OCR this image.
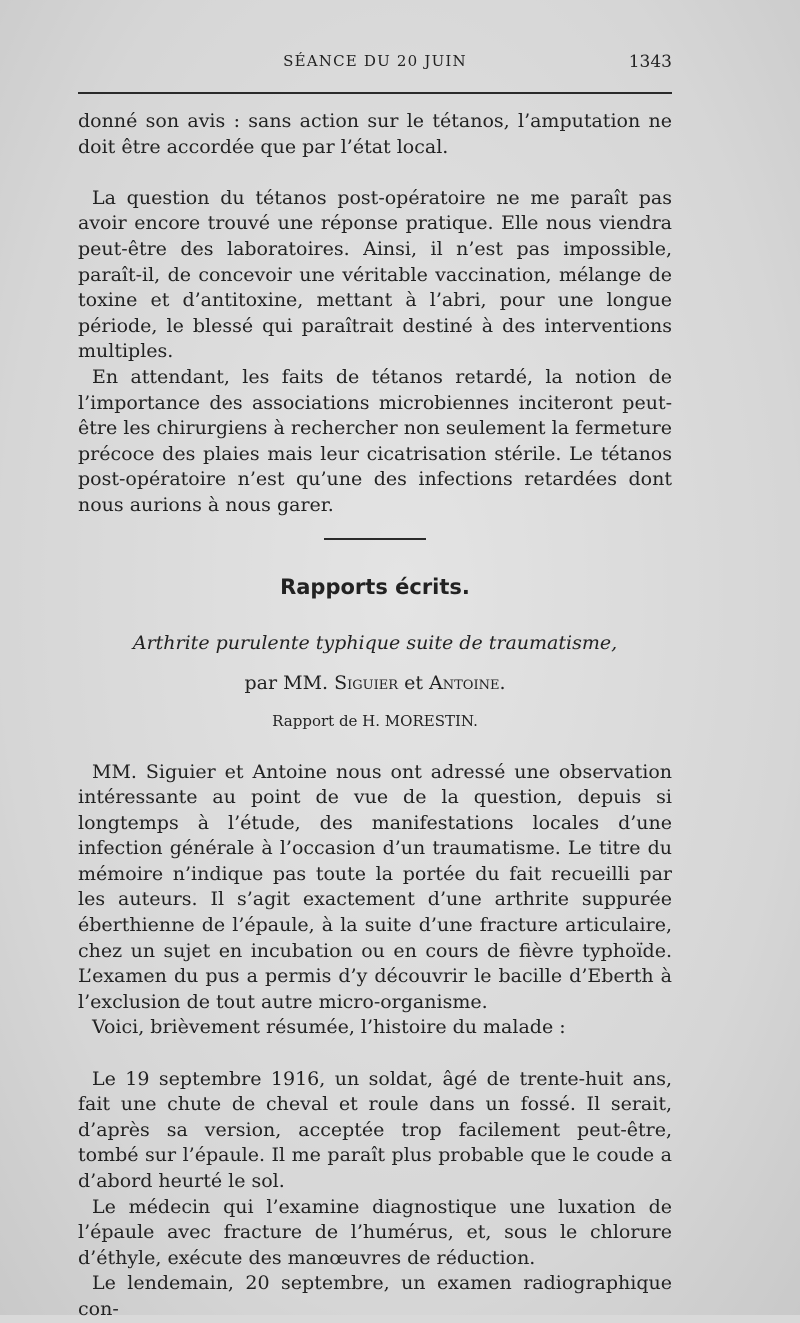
SÉANCE DU 20 JUIN	1343

donné son avis : sans action sur le tétanos, l’amputation ne doit être accordée que par l’état local.

La question du tétanos post-opératoire ne me paraît pas avoir encore trouvé une réponse pratique. Elle nous viendra peut-être des laboratoires. Ainsi, il n’est pas impossible, paraît-il, de concevoir une véritable vaccination, mélange de toxine et d’antitoxine, mettant à l’abri, pour une longue période, le blessé qui paraîtrait destiné à des interventions multiples.

En attendant, les faits de tétanos retardé, la notion de l’importance des associations microbiennes inciteront peut-être les chirurgiens à rechercher non seulement la fermeture précoce des plaies mais leur cicatrisation stérile. Le tétanos post-opératoire n’est qu’une des infections retardées dont nous aurions à nous garer.

Rapports écrits.
Arthrite purulente typhique suite de traumatisme,
par MM. Siguier et Antoine.
Rapport de H. MORESTIN.

MM. Siguier et Antoine nous ont adressé une observation intéressante au point de vue de la question, depuis si longtemps à l’étude, des manifestations locales d’une infection générale à l’occasion d’un traumatisme. Le titre du mémoire n’indique pas toute la portée du fait recueilli par les auteurs. Il s’agit exactement d’une arthrite suppurée éberthienne de l’épaule, à la suite d’une fracture articulaire, chez un sujet en incubation ou en cours de fièvre typhoïde. L’examen du pus a permis d’y découvrir le bacille d’Eberth à l’exclusion de tout autre micro-organisme.

Voici, brièvement résumée, l’histoire du malade :

Le 19 septembre 1916, un soldat, âgé de trente-huit ans, fait une chute de cheval et roule dans un fossé. Il serait, d’après sa version, acceptée trop facilement peut-être, tombé sur l’épaule. Il me paraît plus probable que le coude a d’abord heurté le sol.

Le médecin qui l’examine diagnostique une luxation de l’épaule avec fracture de l’humérus, et, sous le chlorure d’éthyle, exécute des manœuvres de réduction.

Le lendemain, 20 septembre, un examen radiographique con-
